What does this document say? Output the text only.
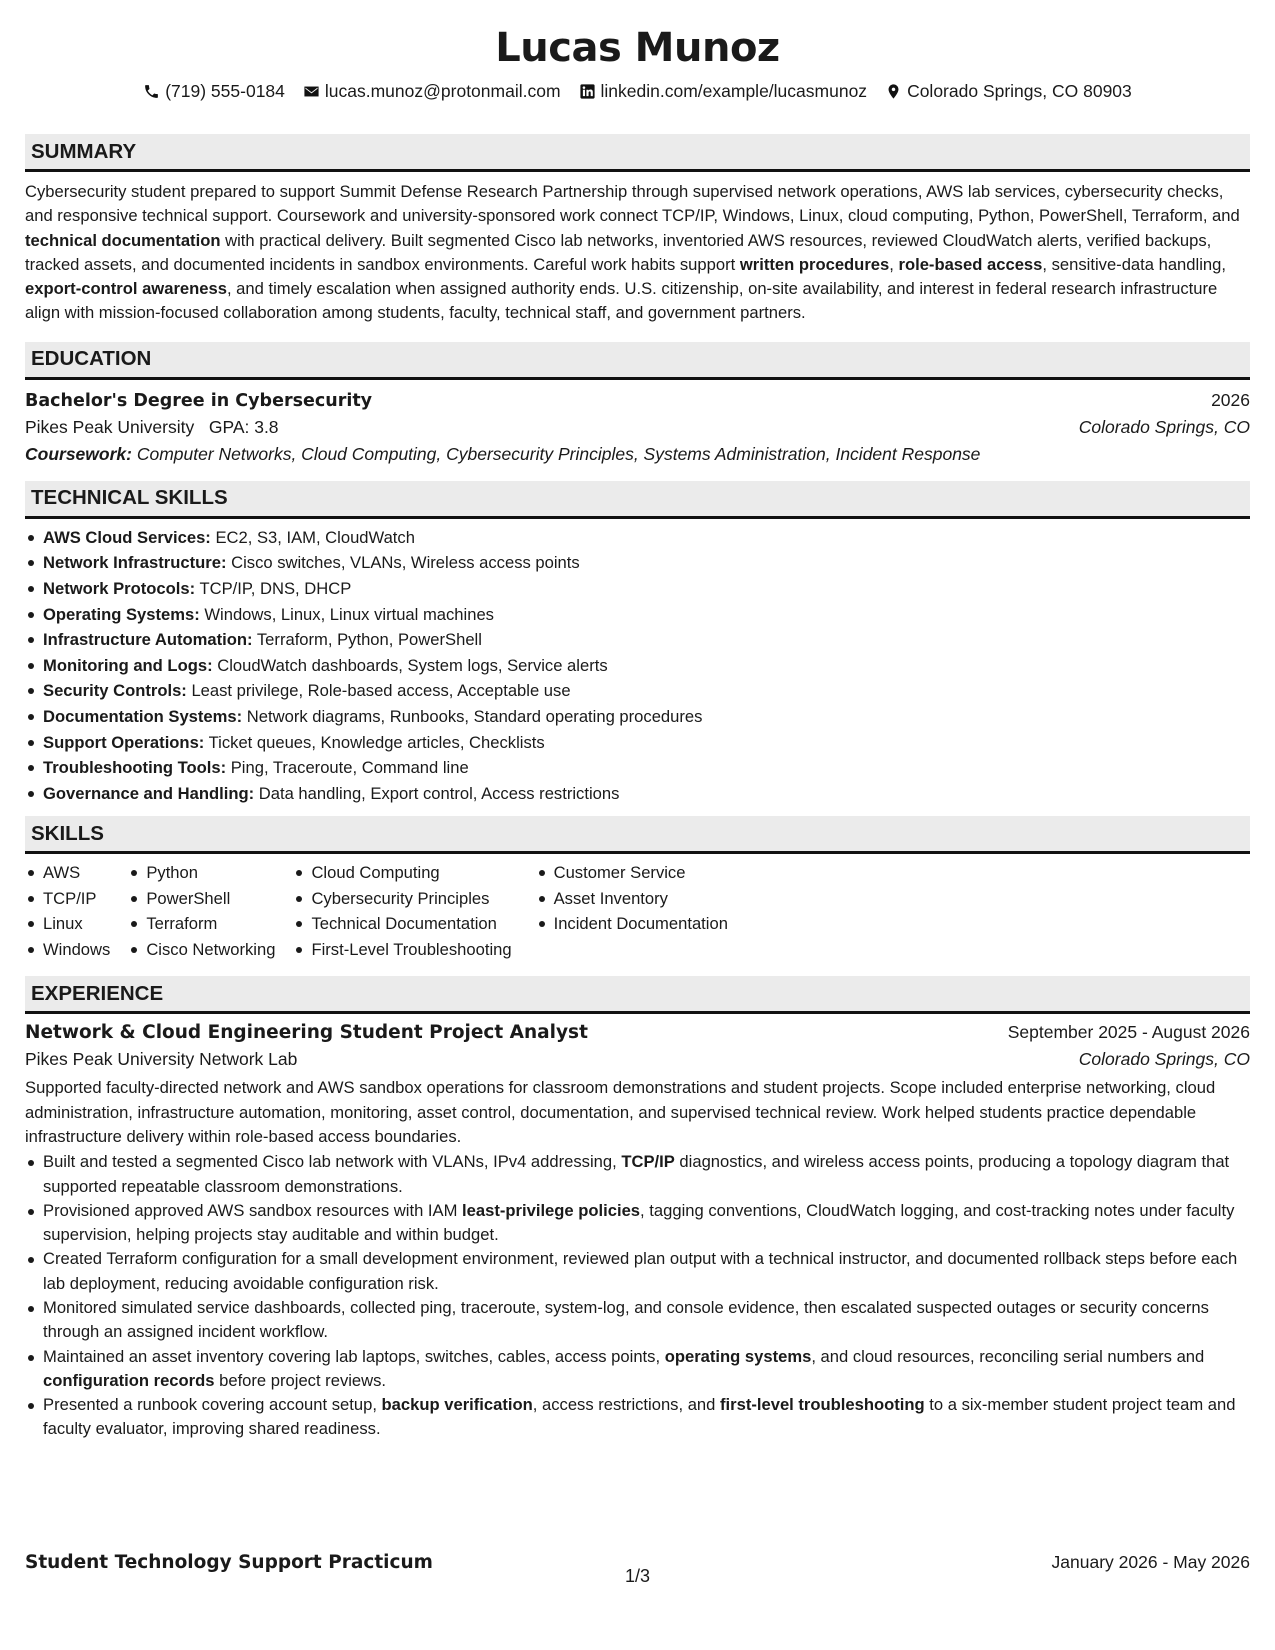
Lucas Munoz
(719) 555-0184 lucas.munoz@protonmail.com linkedin.com/example/lucasmunoz Colorado Springs, CO 80903
SUMMARY

Cybersecurity student prepared to support Summit Defense Research Partnership through supervised network operations, AWS lab services, cybersecurity checks, and responsive technical support. Coursework and university-sponsored work connect TCP/IP, Windows, Linux, cloud computing, Python, PowerShell, Terraform, and technical documentation with practical delivery. Built segmented Cisco lab networks, inventoried AWS resources, reviewed CloudWatch alerts, verified backups, tracked assets, and documented incidents in sandbox environments. Careful work habits support written procedures, role-based access, sensitive-data handling, export-control awareness, and timely escalation when assigned authority ends. U.S. citizenship, on-site availability, and interest in federal research infrastructure align with mission-focused collaboration among students, faculty, technical staff, and government partners.

EDUCATION
Bachelor's Degree in Cybersecurity	2026
Pikes Peak University GPA: 3.8	Colorado Springs, CO
Coursework: Computer Networks, Cloud Computing, Cybersecurity Principles, Systems Administration, Incident Response
TECHNICAL SKILLS
AWS Cloud Services: EC2, S3, IAM, CloudWatch
Network Infrastructure: Cisco switches, VLANs, Wireless access points
Network Protocols: TCP/IP, DNS, DHCP
Operating Systems: Windows, Linux, Linux virtual machines
Infrastructure Automation: Terraform, Python, PowerShell
Monitoring and Logs: CloudWatch dashboards, System logs, Service alerts
Security Controls: Least privilege, Role-based access, Acceptable use
Documentation Systems: Network diagrams, Runbooks, Standard operating procedures
Support Operations: Ticket queues, Knowledge articles, Checklists
Troubleshooting Tools: Ping, Traceroute, Command line
Governance and Handling: Data handling, Export control, Access restrictions
SKILLS
AWS
TCP/IP
Linux
Windows
Python
PowerShell
Terraform
Cisco Networking
Cloud Computing
Cybersecurity Principles
Technical Documentation
First-Level Troubleshooting
Customer Service
Asset Inventory
Incident Documentation
EXPERIENCE
Network & Cloud Engineering Student Project Analyst	September 2025 - August 2026
Pikes Peak University Network Lab	Colorado Springs, CO

Supported faculty-directed network and AWS sandbox operations for classroom demonstrations and student projects. Scope included enterprise networking, cloud administration, infrastructure automation, monitoring, asset control, documentation, and supervised technical review. Work helped students practice dependable infrastructure delivery within role-based access boundaries.

Built and tested a segmented Cisco lab network with VLANs, IPv4 addressing, TCP/IP diagnostics, and wireless access points, producing a topology diagram that supported repeatable classroom demonstrations.
Provisioned approved AWS sandbox resources with IAM least-privilege policies, tagging conventions, CloudWatch logging, and cost-tracking notes under faculty supervision, helping projects stay auditable and within budget.
Created Terraform configuration for a small development environment, reviewed plan output with a technical instructor, and documented rollback steps before each lab deployment, reducing avoidable configuration risk.
Monitored simulated service dashboards, collected ping, traceroute, system-log, and console evidence, then escalated suspected outages or security concerns through an assigned incident workflow.
Maintained an asset inventory covering lab laptops, switches, cables, access points, operating systems, and cloud resources, reconciling serial numbers and configuration records before project reviews.
Presented a runbook covering account setup, backup verification, access restrictions, and first-level troubleshooting to a six-member student project team and faculty evaluator, improving shared readiness.
Student Technology Support Practicum	January 2026 - May 2026
1/3
